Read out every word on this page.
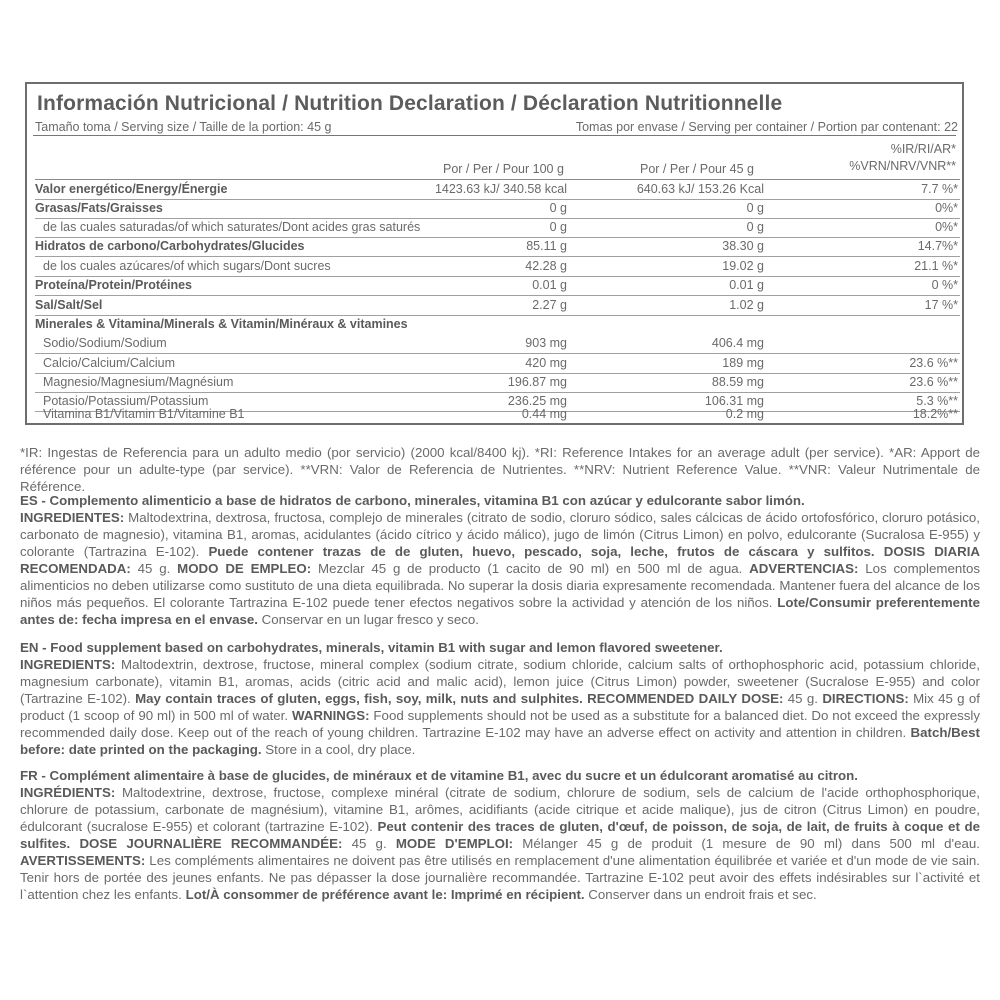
Información Nutricional / Nutrition Declaration / Déclaration Nutritionnelle
Tamaño toma / Serving size / Taille de la portion: 45 g	Tomas por envase / Serving per container / Portion par contenant: 22
Por / Per / Pour 100 g	Por / Per / Pour 45 g
%IR/RI/AR*
%VRN/NRV/VNR**
Valor energético/Energy/Énergie	1423.63 kJ/ 340.58 kcal	640.63 kJ/ 153.26 Kcal	7.7 %*
Grasas/Fats/Graisses	0 g	0 g	0%*
de las cuales saturadas/of which saturates/Dont acides gras saturés	0 g	0 g	0%*
Hidratos de carbono/Carbohydrates/Glucides	85.11 g	38.30 g	14.7%*
de los cuales azúcares/of which sugars/Dont sucres	42.28 g	19.02 g	21.1 %*
Proteína/Protein/Protéines	0.01 g	0.01 g	0 %*
Sal/Salt/Sel	2.27 g	1.02 g	17 %*
Minerales & Vitamina/Minerals & Vitamin/Minéraux & vitamines
Sodio/Sodium/Sodium	903 mg	406.4 mg
Calcio/Calcium/Calcium	420 mg	189 mg	23.6 %**
Magnesio/Magnesium/Magnésium	196.87 mg	88.59 mg	23.6 %**
Potasio/Potassium/Potassium	236.25 mg	106.31 mg	5.3 %**
Vitamina B1/Vitamin B1/Vitamine B1	0.44 mg	0.2 mg	18.2%**
*IR: Ingestas de Referencia para un adulto medio (por servicio) (2000 kcal/8400 kj). *RI: Reference Intakes for an average adult (per service). *AR: Apport de référence pour un adulte-type (par service). **VRN: Valor de Referencia de Nutrientes. **NRV: Nutrient Reference Value. **VNR: Valeur Nutrimentale de Référence.
ES - Complemento alimenticio a base de hidratos de carbono, minerales, vitamina B1 con azúcar y edulcorante sabor limón.
INGREDIENTES: Maltodextrina, dextrosa, fructosa, complejo de minerales (citrato de sodio, cloruro sódico, sales cálcicas de ácido ortofosfórico, cloruro potásico, carbonato de magnesio), vitamina B1, aromas, acidulantes (ácido cítrico y ácido málico), jugo de limón (Citrus Limon) en polvo, edulcorante (Sucralosa E-955) y colorante (Tartrazina E-102). Puede contener trazas de de gluten, huevo, pescado, soja, leche, frutos de cáscara y sulfitos. DOSIS DIARIA RECOMENDADA: 45 g. MODO DE EMPLEO: Mezclar 45 g de producto (1 cacito de 90 ml) en 500 ml de agua. ADVERTENCIAS: Los complementos alimenticios no deben utilizarse como sustituto de una dieta equilibrada. No superar la dosis diaria expresamente recomendada. Mantener fuera del alcance de los niños más pequeños. El colorante Tartrazina E-102 puede tener efectos negativos sobre la actividad y atención de los niños. Lote/Consumir preferentemente antes de: fecha impresa en el envase. Conservar en un lugar fresco y seco.
EN - Food supplement based on carbohydrates, minerals, vitamin B1 with sugar and lemon flavored sweetener.
INGREDIENTS: Maltodextrin, dextrose, fructose, mineral complex (sodium citrate, sodium chloride, calcium salts of orthophosphoric acid, potassium chloride, magnesium carbonate), vitamin B1, aromas, acids (citric acid and malic acid), lemon juice (Citrus Limon) powder, sweetener (Sucralose E-955) and color (Tartrazine E-102). May contain traces of gluten, eggs, fish, soy, milk, nuts and sulphites. RECOMMENDED DAILY DOSE: 45 g. DIRECTIONS: Mix 45 g of product (1 scoop of 90 ml) in 500 ml of water. WARNINGS: Food supplements should not be used as a substitute for a balanced diet. Do not exceed the expressly recommended daily dose. Keep out of the reach of young children. Tartrazine E-102 may have an adverse effect on activity and attention in children. Batch/Best before: date printed on the packaging. Store in a cool, dry place.
FR - Complément alimentaire à base de glucides, de minéraux et de vitamine B1, avec du sucre et un édulcorant aromatisé au citron.
INGRÉDIENTS: Maltodextrine, dextrose, fructose, complexe minéral (citrate de sodium, chlorure de sodium, sels de calcium de l'acide orthophosphorique, chlorure de potassium, carbonate de magnésium), vitamine B1, arômes, acidifiants (acide citrique et acide malique), jus de citron (Citrus Limon) en poudre, édulcorant (sucralose E-955) et colorant (tartrazine E-102). Peut contenir des traces de gluten, d'œuf, de poisson, de soja, de lait, de fruits à coque et de sulfites. DOSE JOURNALIÈRE RECOMMANDÉE: 45 g. MODE D'EMPLOI: Mélanger 45 g de produit (1 mesure de 90 ml) dans 500 ml d'eau. AVERTISSEMENTS: Les compléments alimentaires ne doivent pas être utilisés en remplacement d'une alimentation équilibrée et variée et d'un mode de vie sain. Tenir hors de portée des jeunes enfants. Ne pas dépasser la dose journalière recommandée. Tartrazine E-102 peut avoir des effets indésirables sur l`activité et l`attention chez les enfants. Lot/À consommer de préférence avant le: Imprimé en récipient. Conserver dans un endroit frais et sec.
